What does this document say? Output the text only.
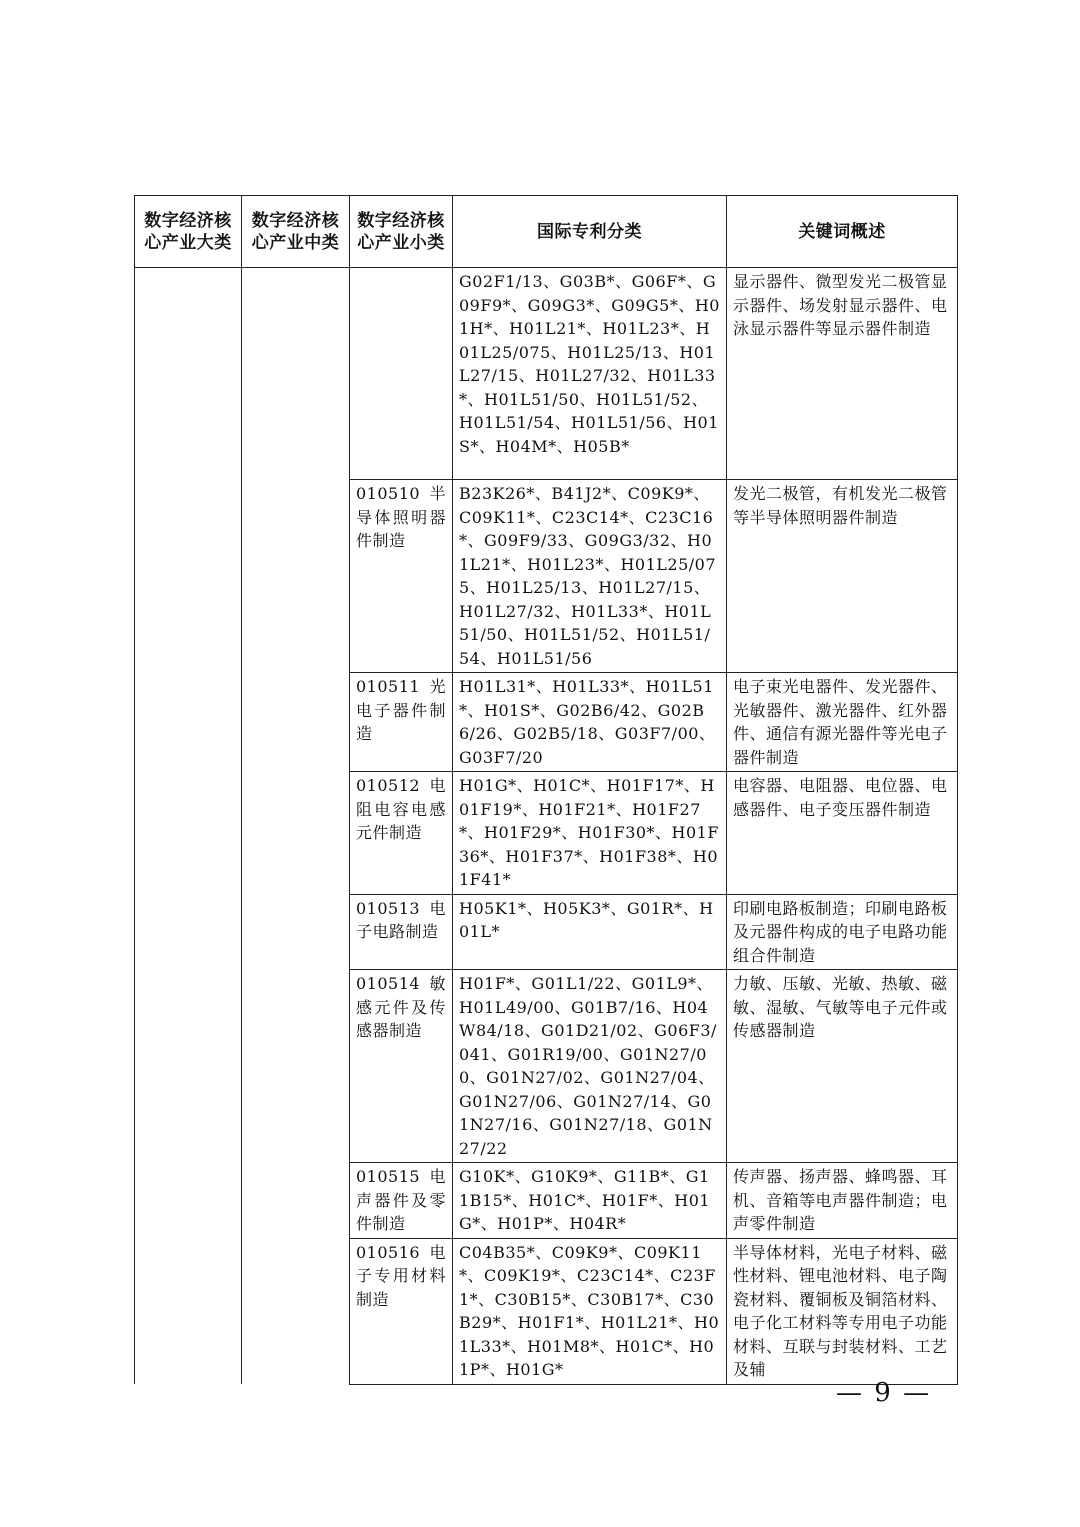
数字经济核心产业大类	数字经济核心产业中类	数字经济核心产业小类	国际专利分类	关键词概述
			G02F1/13、G03B*、G06F*、G09F9*、G09G3*、G09G5*、H01H*、H01L21*、H01L23*、H01L25/075、H01L25/13、H01L27/15、H01L27/32、H01L33*、H01L51/50、H01L51/52、H01L51/54、H01L51/56、H01S*、H04M*、H05B*	显示器件、微型发光二极管显示器件、场发射显示器件、电泳显示器件等显示器件制造
		010510 半导体照明器件制造	B23K26*、B41J2*、C09K9*、C09K11*、C23C14*、C23C16*、G09F9/33、G09G3/32、H01L21*、H01L23*、H01L25/075、H01L25/13、H01L27/15、H01L27/32、H01L33*、H01L51/50、H01L51/52、H01L51/54、H01L51/56	发光二极管，有机发光二极管等半导体照明器件制造
		010511 光电子器件制造	H01L31*、H01L33*、H01L51*、H01S*、G02B6/42、G02B6/26、G02B5/18、G03F7/00、G03F7/20	电子束光电器件、发光器件、光敏器件、激光器件、红外器件、通信有源光器件等光电子器件制造
		010512 电阻电容电感元件制造	H01G*、H01C*、H01F17*、H01F19*、H01F21*、H01F27*、H01F29*、H01F30*、H01F36*、H01F37*、H01F38*、H01F41*	电容器、电阻器、电位器、电感器件、电子变压器件制造
		010513 电子电路制造	H05K1*、H05K3*、G01R*、H01L*	印刷电路板制造；印刷电路板及元器件构成的电子电路功能组合件制造
		010514 敏感元件及传感器制造	H01F*、G01L1/22、G01L9*、H01L49/00、G01B7/16、H04W84/18、G01D21/02、G06F3/041、G01R19/00、G01N27/00、G01N27/02、G01N27/04、G01N27/06、G01N27/14、G01N27/16、G01N27/18、G01N27/22	力敏、压敏、光敏、热敏、磁敏、湿敏、气敏等电子元件或传感器制造
		010515 电声器件及零件制造	G10K*、G10K9*、G11B*、G11B15*、H01C*、H01F*、H01G*、H01P*、H04R*	传声器、扬声器、蜂鸣器、耳机、音箱等电声器件制造；电声零件制造
		010516 电子专用材料制造	C04B35*、C09K9*、C09K11*、C09K19*、C23C14*、C23F1*、C30B15*、C30B17*、C30B29*、H01F1*、H01L21*、H01L33*、H01M8*、H01C*、H01P*、H01G*	半导体材料，光电子材料、磁性材料、锂电池材料、电子陶瓷材料、覆铜板及铜箔材料、电子化工材料等专用电子功能材料、互联与封装材料、工艺及辅
— 9 —
